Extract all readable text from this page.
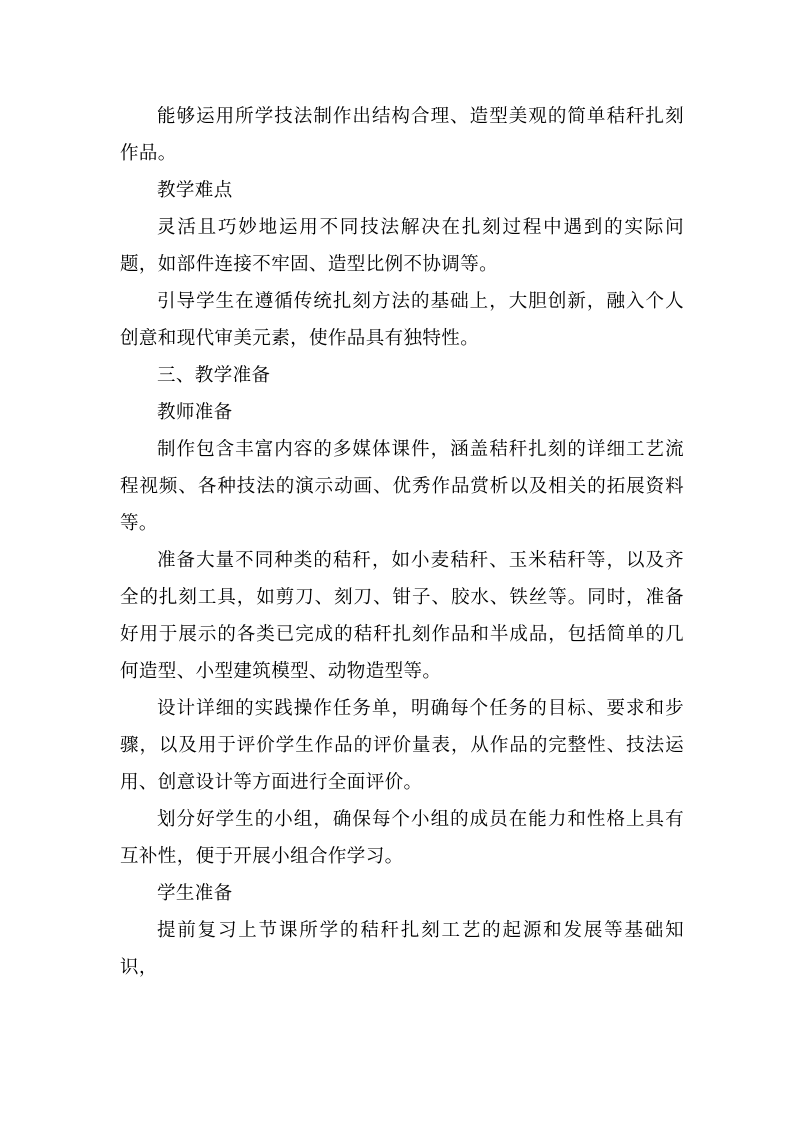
能够运用所学技法制作出结构合理、造型美观的简单秸秆扎刻作品。

教学难点

灵活且巧妙地运用不同技法解决在扎刻过程中遇到的实际问题，如部件连接不牢固、造型比例不协调等。

引导学生在遵循传统扎刻方法的基础上，大胆创新，融入个人创意和现代审美元素，使作品具有独特性。

三、教学准备

教师准备

制作包含丰富内容的多媒体课件，涵盖秸秆扎刻的详细工艺流程视频、各种技法的演示动画、优秀作品赏析以及相关的拓展资料等。

准备大量不同种类的秸秆，如小麦秸秆、玉米秸秆等，以及齐全的扎刻工具，如剪刀、刻刀、钳子、胶水、铁丝等。同时，准备好用于展示的各类已完成的秸秆扎刻作品和半成品，包括简单的几何造型、小型建筑模型、动物造型等。

设计详细的实践操作任务单，明确每个任务的目标、要求和步骤，以及用于评价学生作品的评价量表，从作品的完整性、技法运用、创意设计等方面进行全面评价。

划分好学生的小组，确保每个小组的成员在能力和性格上具有互补性，便于开展小组合作学习。

学生准备

提前复习上节课所学的秸秆扎刻工艺的起源和发展等基础知识，
